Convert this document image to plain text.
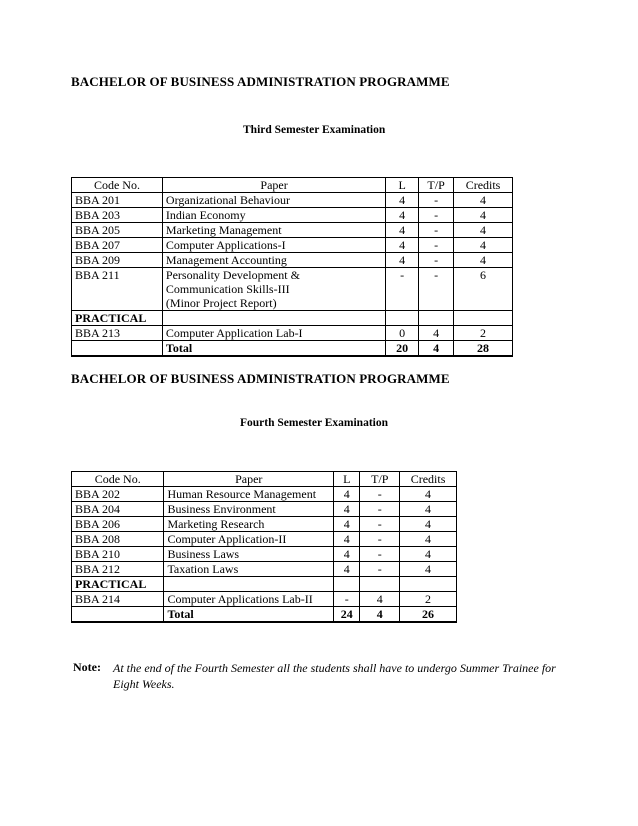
BACHELOR OF BUSINESS ADMINISTRATION PROGRAMME
Third Semester Examination
Code No.	Paper	L	T/P	Credits
BBA 201	Organizational Behaviour	4	-	4
BBA 203	Indian Economy	4	-	4
BBA 205	Marketing Management	4	-	4
BBA 207	Computer Applications-I	4	-	4
BBA 209	Management Accounting	4	-	4
BBA 211	Personality Development &
Communication Skills-III
(Minor Project Report)	-	-	6
PRACTICAL				
BBA 213	Computer Application Lab-I	0	4	2
	Total	20	4	28
BACHELOR OF BUSINESS ADMINISTRATION PROGRAMME
Fourth Semester Examination
Code No.	Paper	L	T/P	Credits
BBA 202	Human Resource Management	4	-	4
BBA 204	Business Environment	4	-	4
BBA 206	Marketing Research	4	-	4
BBA 208	Computer Application-II	4	-	4
BBA 210	Business Laws	4	-	4
BBA 212	Taxation Laws	4	-	4
PRACTICAL				
BBA 214	Computer Applications Lab-II	-	4	2
	Total	24	4	26
Note: At the end of the Fourth Semester all the students shall have to undergo Summer Trainee for Eight Weeks.
